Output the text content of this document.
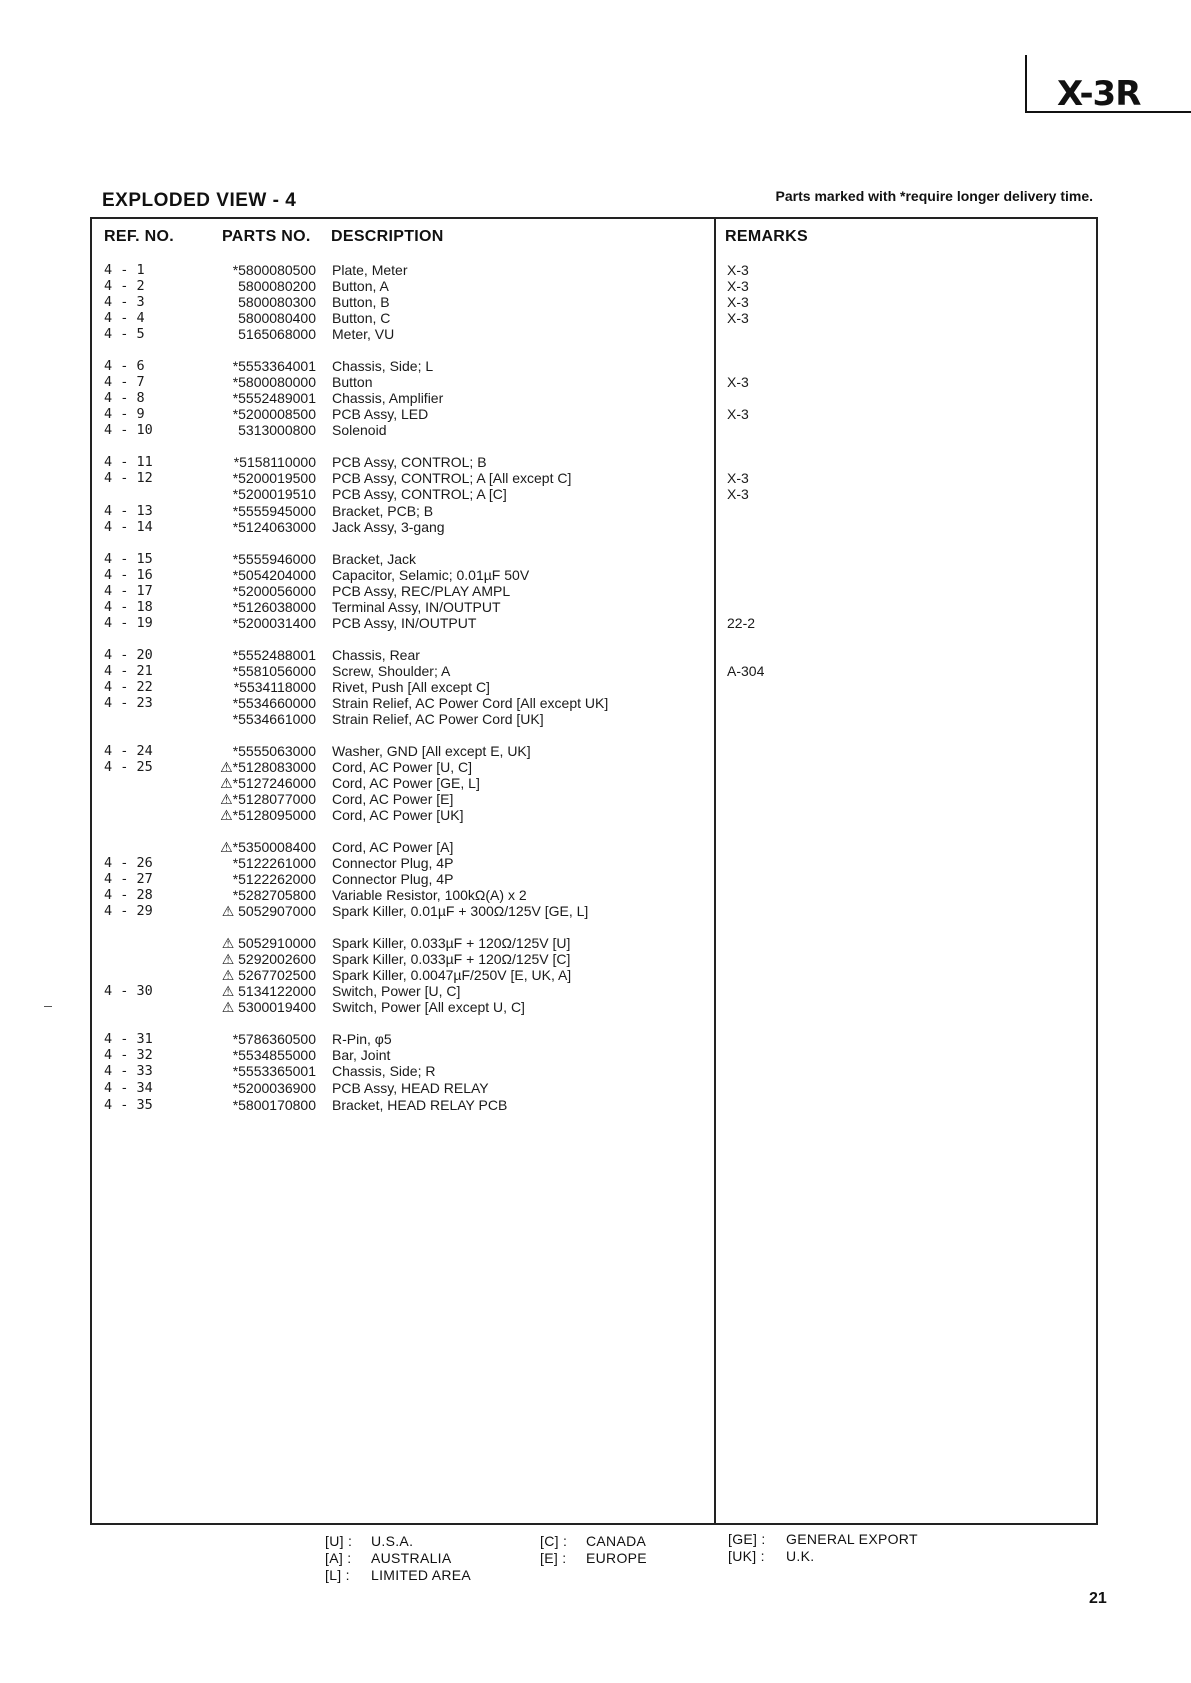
X-3R
EXPLODED VIEW - 4	Parts marked with *require longer delivery time.
REF. NO.	PARTS NO. DESCRIPTION	REMARKS
4 - 1	*5800080500 Plate, Meter	X-3
4 - 2	5800080200 Button, A	X-3
4 - 3	5800080300 Button, B	X-3
4 - 4	5800080400 Button, C	X-3
4 - 5	5165068000 Meter, VU
4 - 6	*5553364001 Chassis, Side; L
4 - 7	*5800080000 Button	X-3
4 - 8	*5552489001 Chassis, Amplifier
4 - 9	*5200008500 PCB Assy, LED	X-3
4 - 10	5313000800 Solenoid
4 - 11	*5158110000 PCB Assy, CONTROL; B
4 - 12	*5200019500 PCB Assy, CONTROL; A [All except C]	X-3
*5200019510 PCB Assy, CONTROL; A [C]	X-3
4 - 13	*5555945000 Bracket, PCB; B
4 - 14	*5124063000 Jack Assy, 3-gang
4 - 15	*5555946000 Bracket, Jack
4 - 16	*5054204000 Capacitor, Selamic; 0.01µF 50V
4 - 17	*5200056000 PCB Assy, REC/PLAY AMPL
4 - 18	*5126038000 Terminal Assy, IN/OUTPUT
4 - 19	*5200031400 PCB Assy, IN/OUTPUT	22-2
4 - 20	*5552488001 Chassis, Rear
4 - 21	*5581056000 Screw, Shoulder; A	A-304
4 - 22	*5534118000 Rivet, Push [All except C]
4 - 23	*5534660000 Strain Relief, AC Power Cord [All except UK]
*5534661000 Strain Relief, AC Power Cord [UK]
4 - 24	*5555063000 Washer, GND [All except E, UK]
4 - 25	⚠*5128083000 Cord, AC Power [U, C]
⚠*5127246000 Cord, AC Power [GE, L]
⚠*5128077000 Cord, AC Power [E]
⚠*5128095000 Cord, AC Power [UK]
⚠*5350008400 Cord, AC Power [A]
4 - 26	*5122261000 Connector Plug, 4P
4 - 27	*5122262000 Connector Plug, 4P
4 - 28	*5282705800 Variable Resistor, 100kΩ(A) x 2
4 - 29	⚠ 5052907000 Spark Killer, 0.01µF + 300Ω/125V [GE, L]
⚠ 5052910000 Spark Killer, 0.033µF + 120Ω/125V [U]
⚠ 5292002600 Spark Killer, 0.033µF + 120Ω/125V [C]
⚠ 5267702500 Spark Killer, 0.0047µF/250V [E, UK, A]
4 - 30	⚠ 5134122000 Switch, Power [U, C]
⚠ 5300019400 Switch, Power [All except U, C]
4 - 31	*5786360500 R-Pin, φ5
4 - 32	*5534855000 Bar, Joint
4 - 33	*5553365001 Chassis, Side; R
4 - 34	*5200036900 PCB Assy, HEAD RELAY
4 - 35	*5800170800 Bracket, HEAD RELAY PCB
[U] : U.S.A.
[A] : AUSTRALIA
[L] : LIMITED AREA
[C] : CANADA
[E] : EUROPE
[GE] : GENERAL EXPORT
[UK] : U.K.
21
